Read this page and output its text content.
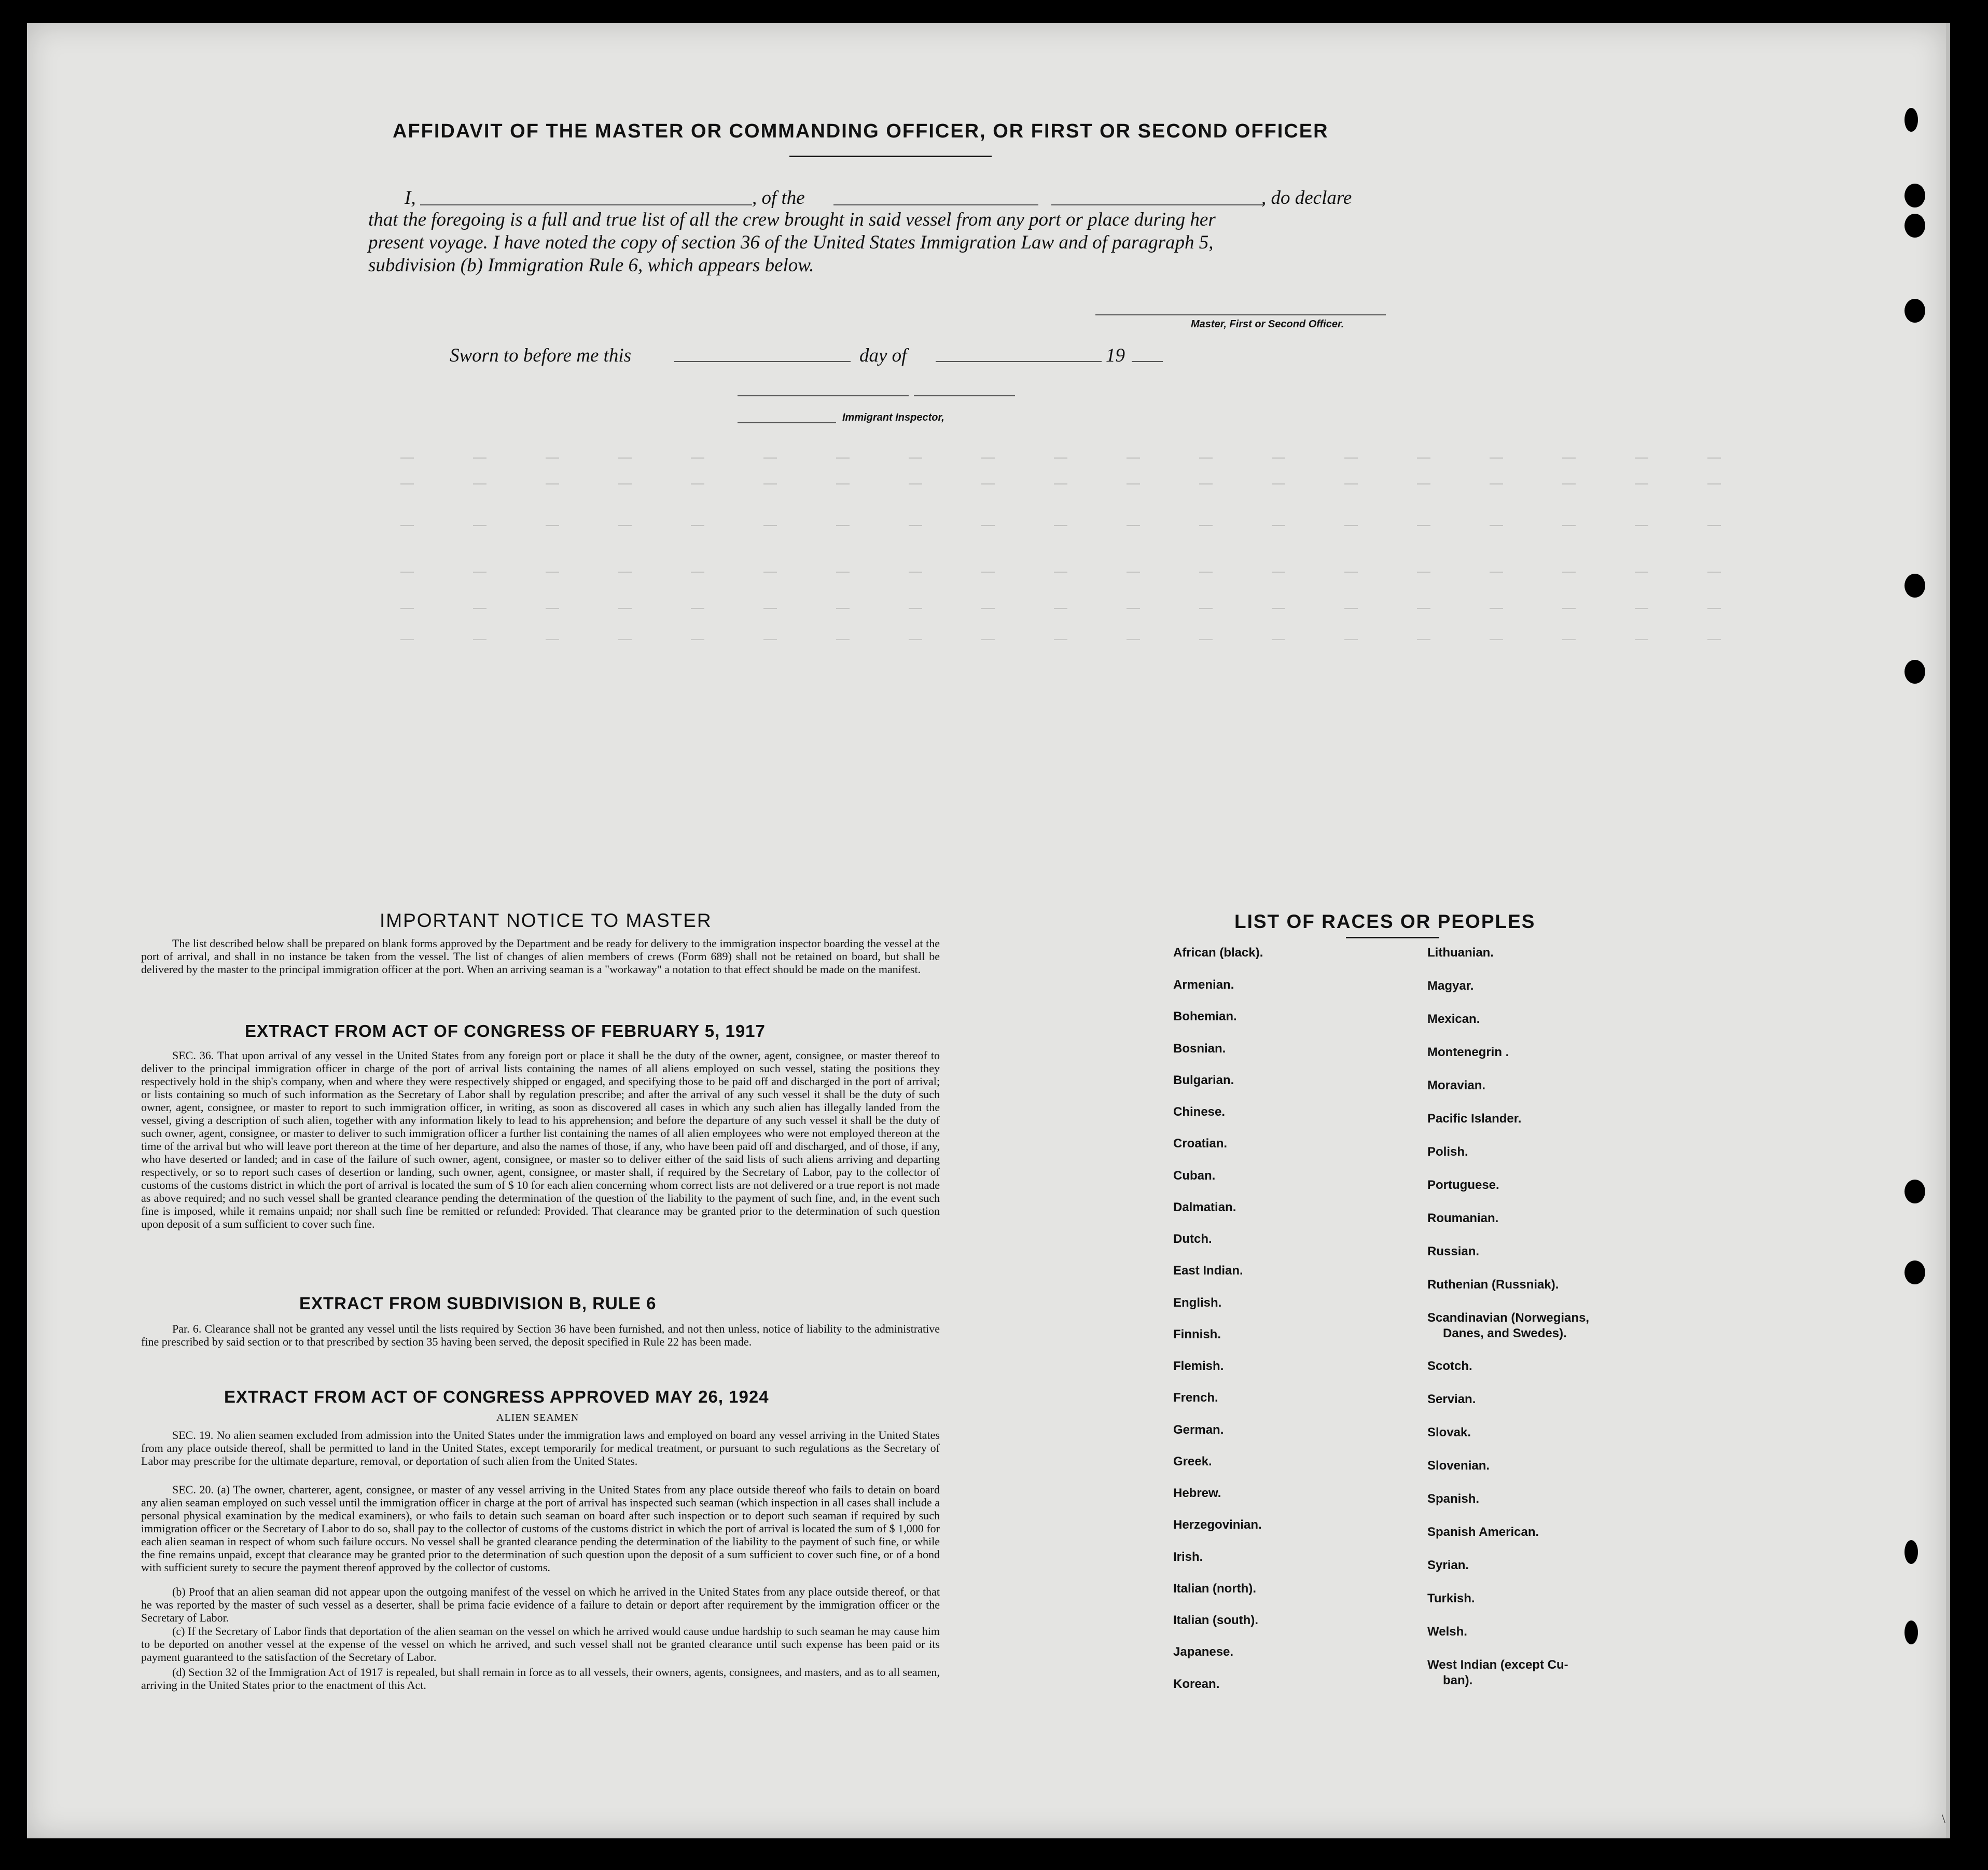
AFFIDAVIT OF THE MASTER OR COMMANDING OFFICER, OR FIRST OR SECOND OFFICER
I,	, of the	, do declare
that the foregoing is a full and true list of all the crew brought in said vessel from any port or place during her
present voyage. I have noted the copy of section 36 of the United States Immigration Law and of paragraph 5,
subdivision (b) Immigration Rule 6, which appears below.
Master, First or Second Officer.
Sworn to before me this	day of	19
Immigrant Inspector,
IMPORTANT NOTICE TO MASTER

The list described below shall be prepared on blank forms approved by the Department and be ready for delivery to the immigration inspector boarding the vessel at the port of arrival, and shall in no instance be taken from the vessel. The list of changes of alien members of crews (Form 689) shall not be retained on board, but shall be delivered by the master to the principal immigration officer at the port. When an arriving seaman is a "workaway" a notation to that effect should be made on the manifest.

EXTRACT FROM ACT OF CONGRESS OF FEBRUARY 5, 1917

SEC. 36. That upon arrival of any vessel in the United States from any foreign port or place it shall be the duty of the owner, agent, consignee, or master thereof to deliver to the principal immigration officer in charge of the port of arrival lists containing the names of all aliens employed on such vessel, stating the positions they respectively hold in the ship's company, when and where they were respectively shipped or engaged, and specifying those to be paid off and discharged in the port of arrival; or lists containing so much of such information as the Secretary of Labor shall by regulation prescribe; and after the arrival of any such vessel it shall be the duty of such owner, agent, consignee, or master to report to such immigration officer, in writing, as soon as discovered all cases in which any such alien has illegally landed from the vessel, giving a description of such alien, together with any information likely to lead to his apprehension; and before the departure of any such vessel it shall be the duty of such owner, agent, consignee, or master to deliver to such immigration officer a further list containing the names of all alien employees who were not employed thereon at the time of the arrival but who will leave port thereon at the time of her departure, and also the names of those, if any, who have been paid off and discharged, and of those, if any, who have deserted or landed; and in case of the failure of such owner, agent, consignee, or master so to deliver either of the said lists of such aliens arriving and departing respectively, or so to report such cases of desertion or landing, such owner, agent, consignee, or master shall, if required by the Secretary of Labor, pay to the collector of customs of the customs district in which the port of arrival is located the sum of $ 10 for each alien concerning whom correct lists are not delivered or a true report is not made as above required; and no such vessel shall be granted clearance pending the determination of the question of the liability to the payment of such fine, and, in the event such fine is imposed, while it remains unpaid; nor shall such fine be remitted or refunded: Provided. That clearance may be granted prior to the determination of such question upon deposit of a sum sufficient to cover such fine.

EXTRACT FROM SUBDIVISION B, RULE 6

Par. 6. Clearance shall not be granted any vessel until the lists required by Section 36 have been furnished, and not then unless, notice of liability to the administrative fine prescribed by said section or to that prescribed by section 35 having been served, the deposit specified in Rule 22 has been made.

EXTRACT FROM ACT OF CONGRESS APPROVED MAY 26, 1924
ALIEN SEAMEN

SEC. 19. No alien seamen excluded from admission into the United States under the immigration laws and employed on board any vessel arriving in the United States from any place outside thereof, shall be permitted to land in the United States, except temporarily for medical treatment, or pursuant to such regulations as the Secretary of Labor may prescribe for the ultimate departure, removal, or deportation of such alien from the United States.

SEC. 20. (a) The owner, charterer, agent, consignee, or master of any vessel arriving in the United States from any place outside thereof who fails to detain on board any alien seaman employed on such vessel until the immigration officer in charge at the port of arrival has inspected such seaman (which inspection in all cases shall include a personal physical examination by the medical examiners), or who fails to detain such seaman on board after such inspection or to deport such seaman if required by such immigration officer or the Secretary of Labor to do so, shall pay to the collector of customs of the customs district in which the port of arrival is located the sum of $ 1,000 for each alien seaman in respect of whom such failure occurs. No vessel shall be granted clearance pending the determination of the liability to the payment of such fine, or while the fine remains unpaid, except that clearance may be granted prior to the determination of such question upon the deposit of a sum sufficient to cover such fine, or of a bond with sufficient surety to secure the payment thereof approved by the collector of customs.

(b) Proof that an alien seaman did not appear upon the outgoing manifest of the vessel on which he arrived in the United States from any place outside thereof, or that he was reported by the master of such vessel as a deserter, shall be prima facie evidence of a failure to detain or deport after requirement by the immigration officer or the Secretary of Labor.

(c) If the Secretary of Labor finds that deportation of the alien seaman on the vessel on which he arrived would cause undue hardship to such seaman he may cause him to be deported on another vessel at the expense of the vessel on which he arrived, and such vessel shall not be granted clearance until such expense has been paid or its payment guaranteed to the satisfaction of the Secretary of Labor.

(d) Section 32 of the Immigration Act of 1917 is repealed, but shall remain in force as to all vessels, their owners, agents, consignees, and masters, and as to all seamen, arriving in the United States prior to the enactment of this Act.

LIST OF RACES OR PEOPLES
African (black).
Armenian.
Bohemian.
Bosnian.
Bulgarian.
Chinese.
Croatian.
Cuban.
Dalmatian.
Dutch.
East Indian.
English.
Finnish.
Flemish.
French.
German.
Greek.
Hebrew.
Herzegovinian.
Irish.
Italian (north).
Italian (south).
Japanese.
Korean.
Lithuanian.
Magyar.
Mexican.
Montenegrin .
Moravian.
Pacific Islander.
Polish.
Portuguese.
Roumanian.
Russian.
Ruthenian (Russniak).
Scandinavian (Norwegians,
Danes, and Swedes).
Scotch.
Servian.
Slovak.
Slovenian.
Spanish.
Spanish American.
Syrian.
Turkish.
Welsh.
West Indian (except Cu-
ban).
\
